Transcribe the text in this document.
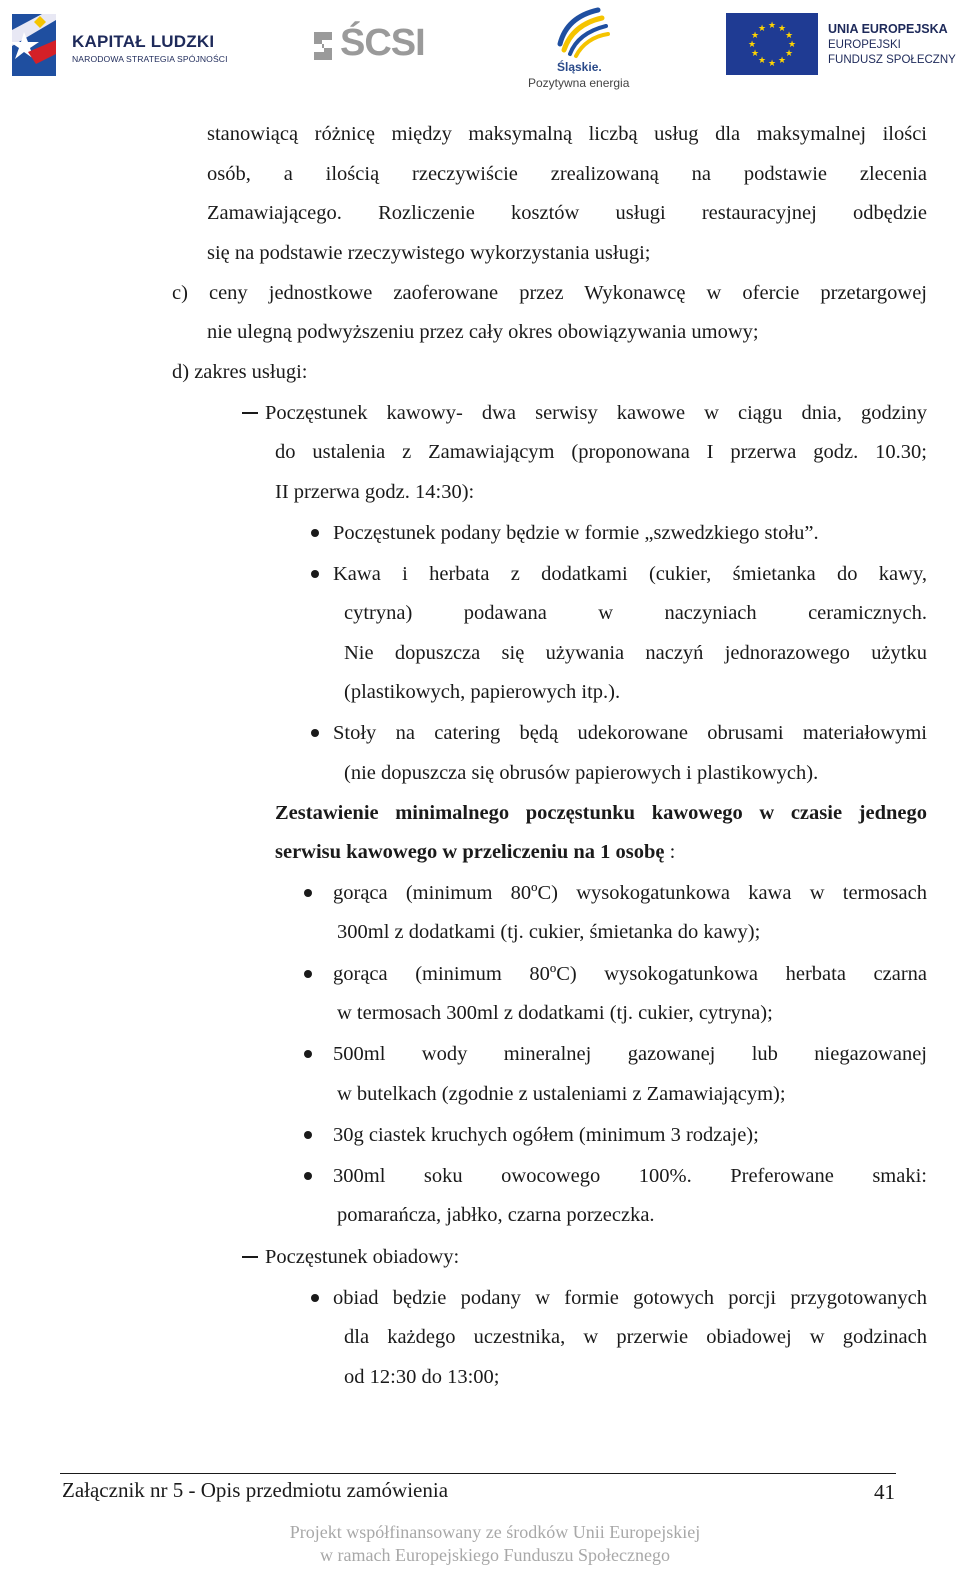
KAPITAŁ LUDZKI
NARODOWA STRATEGIA SPÓJNOŚCI	ŚCSI
Śląskie.
Pozytywna energia
★ ★
★
★
★
★
★
★
★
★
★
★	UNIA EUROPEJSKA
EUROPEJSKI
FUNDUSZ SPOŁECZNY
stanowiącą różnicę między maksymalną liczbą usług dla maksymalnej ilości
osób, a ilością rzeczywiście zrealizowaną na podstawie zlecenia
Zamawiającego. Rozliczenie kosztów usługi restauracyjnej odbędzie
się na podstawie rzeczywistego wykorzystania usługi;
c) ceny jednostkowe zaoferowane przez Wykonawcę w ofercie przetargowej
nie ulegną podwyższeniu przez cały okres obowiązywania umowy;
d) zakres usługi:
Poczęstunek kawowy- dwa serwisy kawowe w ciągu dnia, godziny
do ustalenia z Zamawiającym (proponowana I przerwa godz. 10.30;
II przerwa godz. 14:30):
Poczęstunek podany będzie w formie „szwedzkiego stołu”.
Kawa i herbata z dodatkami (cukier, śmietanka do kawy,
cytryna) podawana w naczyniach ceramicznych.
Nie dopuszcza się używania naczyń jednorazowego użytku
(plastikowych, papierowych itp.).
Stoły na catering będą udekorowane obrusami materiałowymi
(nie dopuszcza się obrusów papierowych i plastikowych).
Zestawienie minimalnego poczęstunku kawowego w czasie jednego
serwisu kawowego w przeliczeniu na 1 osobę :
gorąca (minimum 80ºC) wysokogatunkowa kawa w termosach
300ml z dodatkami (tj. cukier, śmietanka do kawy);
gorąca (minimum 80ºC) wysokogatunkowa herbata czarna
w termosach 300ml z dodatkami (tj. cukier, cytryna);
500ml wody mineralnej gazowanej lub niegazowanej
w butelkach (zgodnie z ustaleniami z Zamawiającym);
30g ciastek kruchych ogółem (minimum 3 rodzaje);
300ml soku owocowego 100%. Preferowane smaki:
pomarańcza, jabłko, czarna porzeczka.
Poczęstunek obiadowy:
obiad będzie podany w formie gotowych porcji przygotowanych
dla każdego uczestnika, w przerwie obiadowej w godzinach
od 12:30 do 13:00;
Załącznik nr 5 - Opis przedmiotu zamówienia	41
Projekt współfinansowany ze środków Unii Europejskiej
w ramach Europejskiego Funduszu Społecznego
